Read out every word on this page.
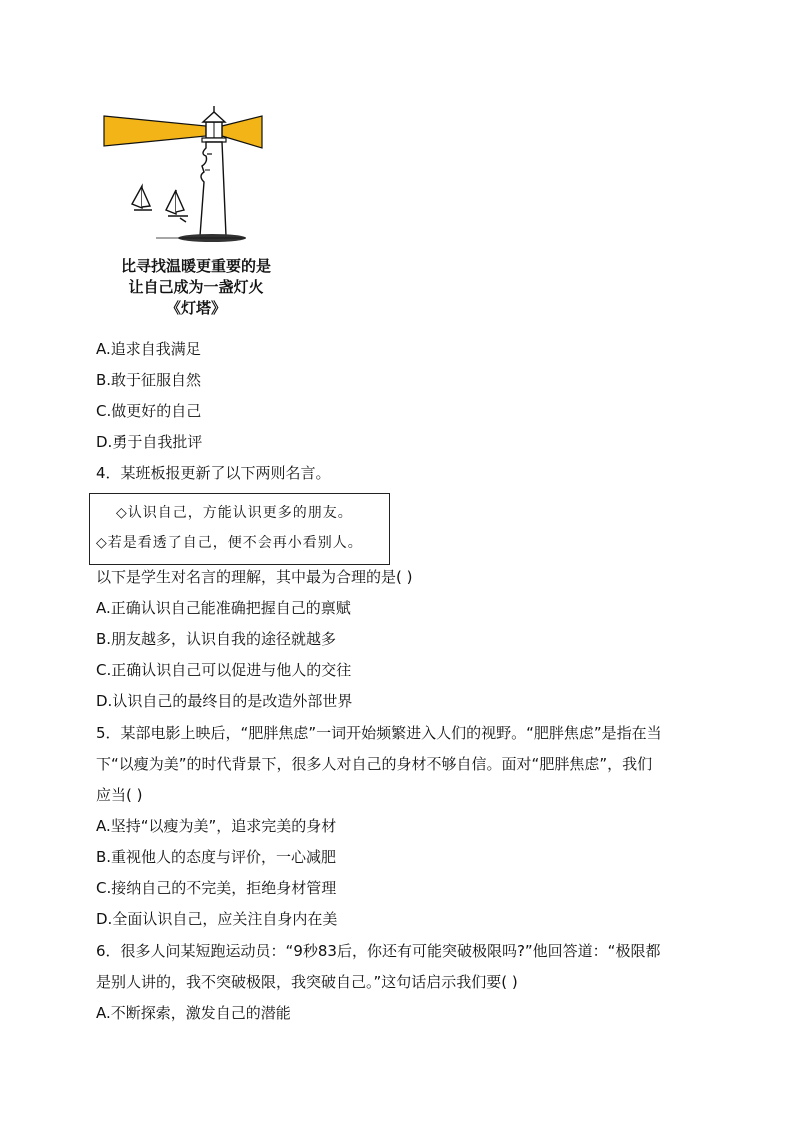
比寻找温暖更重要的是
让自己成为一盏灯火
《灯塔》
A.追求自我满足
B.敢于征服自然
C.做更好的自己
D.勇于自我批评
4．某班板报更新了以下两则名言。
◇认识自己，方能认识更多的朋友。
◇若是看透了自己，便不会再小看别人。
以下是学生对名言的理解，其中最为合理的是( )
A.正确认识自己能准确把握自己的禀赋
B.朋友越多，认识自我的途径就越多
C.正确认识自己可以促进与他人的交往
D.认识自己的最终目的是改造外部世界
5．某部电影上映后，“肥胖焦虑”一词开始频繁进入人们的视野。“肥胖焦虑”是指在当
下“以瘦为美”的时代背景下，很多人对自己的身材不够自信。面对“肥胖焦虑”，我们
应当( )
A.坚持“以瘦为美”，追求完美的身材
B.重视他人的态度与评价，一心减肥
C.接纳自己的不完美，拒绝身材管理
D.全面认识自己，应关注自身内在美
6．很多人问某短跑运动员：“9秒83后，你还有可能突破极限吗?”他回答道：“极限都
是别人讲的，我不突破极限，我突破自己。”这句话启示我们要( )
A.不断探索，激发自己的潜能
